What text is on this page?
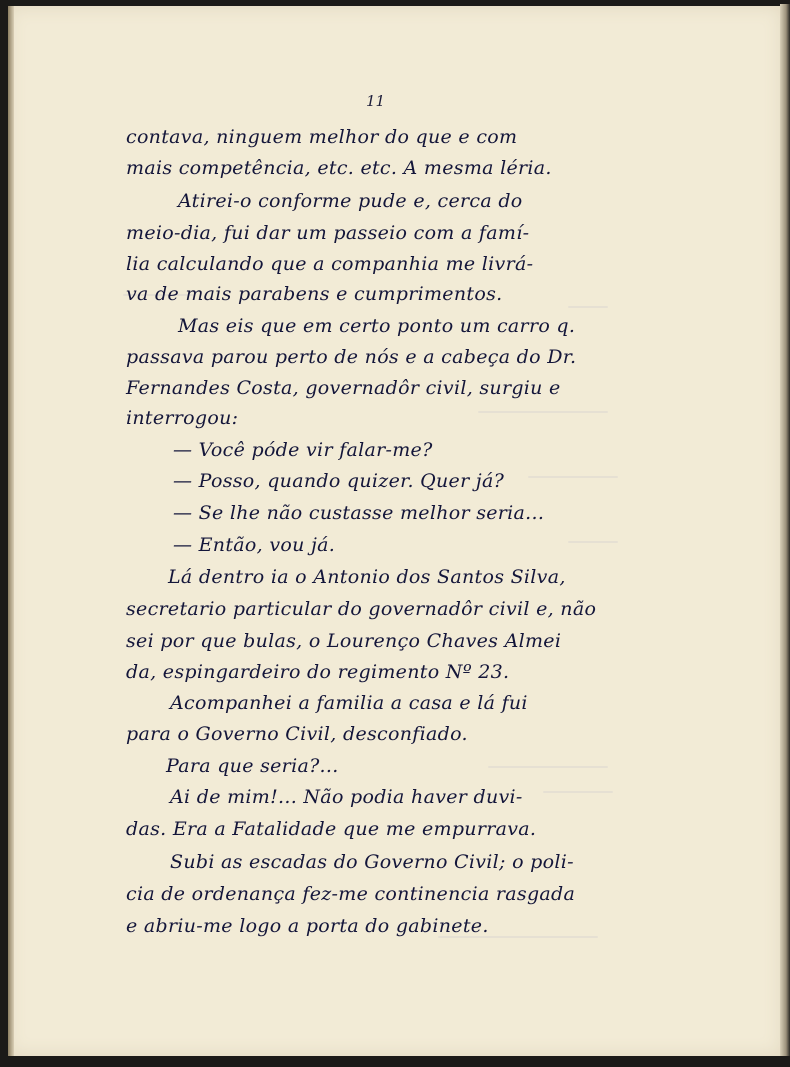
11
contava, ninguem melhor do que e com
mais competência, etc. etc. A mesma léria.
Atirei-o conforme pude e, cerca do
meio-dia, fui dar um passeio com a famí-
lia calculando que a companhia me livrá-
va de mais parabens e cumprimentos.
Mas eis que em certo ponto um carro q.
passava parou perto de nós e a cabeça do Dr.
Fernandes Costa, governadôr civil, surgiu e
interrogou:
— Você póde vir falar-me?
— Posso, quando quizer. Quer já?
— Se lhe não custasse melhor seria...
— Então, vou já.
Lá dentro ia o Antonio dos Santos Silva,
secretario particular do governadôr civil e, não
sei por que bulas, o Lourenço Chaves Almei
da, espingardeiro do regimento Nº 23.
Acompanhei a familia a casa e lá fui
para o Governo Civil, desconfiado.
Para que seria?...
Ai de mim!... Não podia haver duvi-
das. Era a Fatalidade que me empurrava.
Subi as escadas do Governo Civil; o poli-
cia de ordenança fez-me continencia rasgada
e abriu-me logo a porta do gabinete.
